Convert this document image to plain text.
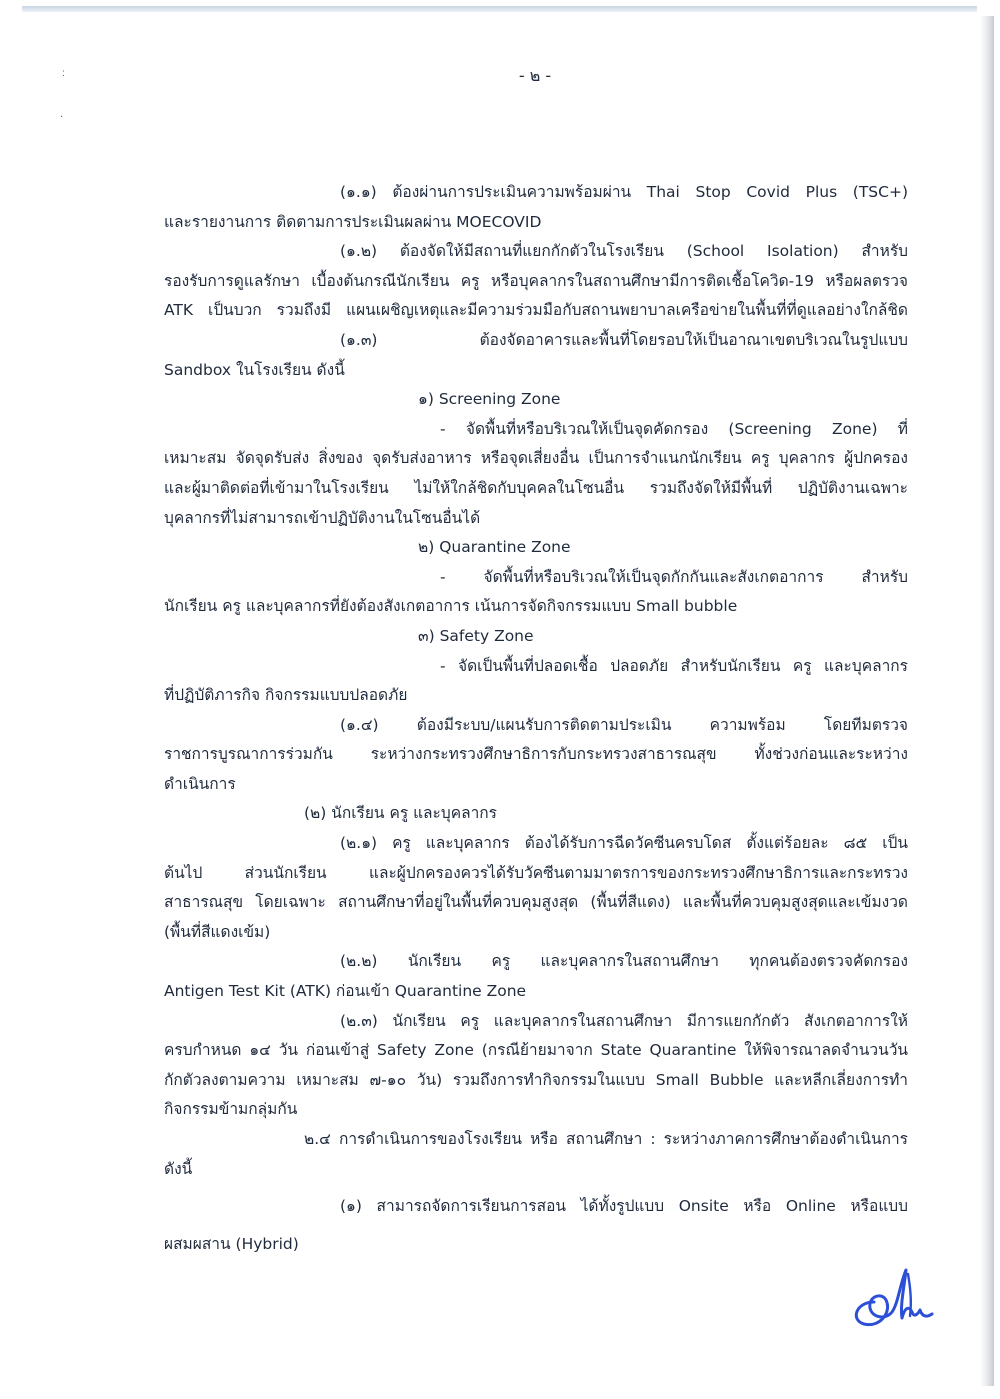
˸
·
- ๒ -
(๑.๑) ต้องผ่านการประเมินความพร้อมผ่าน Thai Stop Covid Plus (TSC+)
และรายงานการ ติดตามการประเมินผลผ่าน MOECOVID
(๑.๒) ต้องจัดให้มีสถานที่แยกกักตัวในโรงเรียน (School Isolation) สำหรับ
รองรับการดูแลรักษา เบื้องต้นกรณีนักเรียน ครู หรือบุคลากรในสถานศึกษามีการติดเชื้อโควิด-19 หรือผลตรวจ
ATK เป็นบวก รวมถึงมี แผนเผชิญเหตุและมีความร่วมมือกับสถานพยาบาลเครือข่ายในพื้นที่ที่ดูแลอย่างใกล้ชิด
(๑.๓) ต้องจัดอาคารและพื้นที่โดยรอบให้เป็นอาณาเขตบริเวณในรูปแบบ
Sandbox ในโรงเรียน ดังนี้
๑) Screening Zone
- จัดพื้นที่หรือบริเวณให้เป็นจุดคัดกรอง (Screening Zone) ที่
เหมาะสม จัดจุดรับส่ง สิ่งของ จุดรับส่งอาหาร หรือจุดเสี่ยงอื่น เป็นการจำแนกนักเรียน ครู บุคลากร ผู้ปกครอง
และผู้มาติดต่อที่เข้ามาในโรงเรียน ไม่ให้ใกล้ชิดกับบุคคลในโซนอื่น รวมถึงจัดให้มีพื้นที่ ปฏิบัติงานเฉพาะ
บุคลากรที่ไม่สามารถเข้าปฏิบัติงานในโซนอื่นได้
๒) Quarantine Zone
- จัดพื้นที่หรือบริเวณให้เป็นจุดกักกันและสังเกตอาการ สำหรับ
นักเรียน ครู และบุคลากรที่ยังต้องสังเกตอาการ เน้นการจัดกิจกรรมแบบ Small bubble
๓) Safety Zone
- จัดเป็นพื้นที่ปลอดเชื้อ ปลอดภัย สำหรับนักเรียน ครู และบุคลากร
ที่ปฏิบัติภารกิจ กิจกรรมแบบปลอดภัย
(๑.๔) ต้องมีระบบ/แผนรับการติดตามประเมิน ความพร้อม โดยทีมตรวจ
ราชการบูรณาการร่วมกัน ระหว่างกระทรวงศึกษาธิการกับกระทรวงสาธารณสุข ทั้งช่วงก่อนและระหว่าง
ดำเนินการ
(๒) นักเรียน ครู และบุคลากร
(๒.๑) ครู และบุคลากร ต้องได้รับการฉีดวัคซีนครบโดส ตั้งแต่ร้อยละ ๘๕ เป็น
ต้นไป ส่วนนักเรียน และผู้ปกครองควรได้รับวัคซีนตามมาตรการของกระทรวงศึกษาธิการและกระทรวง
สาธารณสุข โดยเฉพาะ สถานศึกษาที่อยู่ในพื้นที่ควบคุมสูงสุด (พื้นที่สีแดง) และพื้นที่ควบคุมสูงสุดและเข้มงวด
(พื้นที่สีแดงเข้ม)
(๒.๒) นักเรียน ครู และบุคลากรในสถานศึกษา ทุกคนต้องตรวจคัดกรอง
Antigen Test Kit (ATK) ก่อนเข้า Quarantine Zone
(๒.๓) นักเรียน ครู และบุคลากรในสถานศึกษา มีการแยกกักตัว สังเกตอาการให้
ครบกำหนด ๑๔ วัน ก่อนเข้าสู่ Safety Zone (กรณีย้ายมาจาก State Quarantine ให้พิจารณาลดจำนวนวัน
กักตัวลงตามความ เหมาะสม ๗-๑๐ วัน) รวมถึงการทำกิจกรรมในแบบ Small Bubble และหลีกเลี่ยงการทำ
กิจกรรมข้ามกลุ่มกัน
๒.๔ การดำเนินการของโรงเรียน หรือ สถานศึกษา : ระหว่างภาคการศึกษาต้องดำเนินการ
ดังนี้
(๑) สามารถจัดการเรียนการสอน ได้ทั้งรูปแบบ Onsite หรือ Online หรือแบบ
ผสมผสาน (Hybrid)
